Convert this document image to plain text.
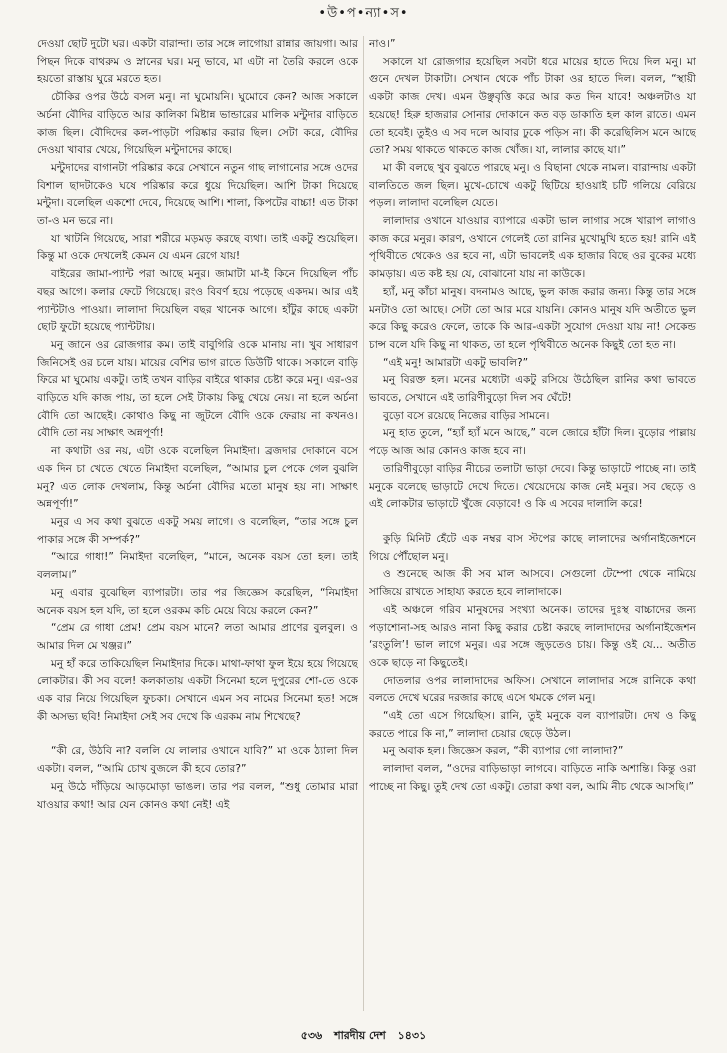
•উ•প•ন্যা•স•

দেওয়া ছোট দুটো ঘর। একটা বারান্দা। তার সঙ্গে লাগোয়া রান্নার জায়গা। আর পিছন দিকে বাথরুম ও স্নানের ঘর। মনু ভাবে, মা এটা না তৈরি করলে ওকে হয়তো রাস্তায় ঘুরে মরতে হত।

চৌকির ওপর উঠে বসল মনু। না ঘুমোয়নি। ঘুমোবে কেন? আজ সকালে অর্চনা বৌদির বাড়িতে আর কালিকা মিষ্টান্ন ভান্ডারের মালিক মন্টুদার বাড়িতে কাজ ছিল। বৌদিদের কল-পাড়টা পরিষ্কার করার ছিল। সেটা করে, বৌদির দেওয়া খাবার খেয়ে, গিয়েছিল মন্টুদাদের কাছে।

মন্টুদাদের বাগানটা পরিষ্কার করে সেখানে নতুন গাছ লাগানোর সঙ্গে ওদের বিশাল ছাদটাকেও ঘষে পরিষ্কার করে ধুয়ে দিয়েছিল। আশি টাকা দিয়েছে মন্টুদা। বলেছিল একশো দেবে, দিয়েছে আশি। শালা, কিপটের বাচ্চা! এত টাকা তা-ও মন ভরে না।

যা খাটনি গিয়েছে, সারা শরীরে মড়মড় করছে ব্যথা। তাই একটু শুয়েছিল। কিন্তু মা ওকে দেখলেই কেমন যে এমন রেগে যায়!

বাইরের জামা-প্যান্ট পরা আছে মনুর। জামাটা মা-ই কিনে দিয়েছিল পাঁচ বছর আগে। কলার ফেটে গিয়েছে। রংও বিবর্ণ হয়ে পড়েছে একদম। আর এই প্যান্টটাও পাওয়া। লালাদা দিয়েছিল বছর খানেক আগে। হাঁটুর কাছে একটা ছোট ফুটো হয়েছে প্যান্টটায়।

মনু জানে ওর রোজগার কম। তাই বাবুগিরি ওকে মানায় না। খুব সাধারণ জিনিসেই ওর চলে যায়। মায়ের বেশির ভাগ রাতে ডিউটি থাকে। সকালে বাড়ি ফিরে মা ঘুমোয় একটু। তাই তখন বাড়ির বাইরে থাকার চেষ্টা করে মনু। এর-ওর বাড়িতে যদি কাজ পায়, তা হলে সেই টাকায় কিছু খেয়ে নেয়। না হলে অর্চনা বৌদি তো আছেই। কোথাও কিছু না জুটলে বৌদি ওকে ফেরায় না কখনও। বৌদি তো নয় সাক্ষাৎ অন্নপূর্ণা!

না কথাটা ওর নয়, এটা ওকে বলেছিল নিমাইদা। ব্রজদার দোকানে বসে এক দিন চা খেতে খেতে নিমাইদা বলেছিল, “আমার চুল পেকে গেল বুঝলি মনু? এত লোক দেখলাম, কিন্তু অর্চনা বৌদির মতো মানুষ হয় না। সাক্ষাৎ অন্নপূর্ণা!”

মনুর এ সব কথা বুঝতে একটু সময় লাগে। ও বলেছিল, “তার সঙ্গে চুল পাকার সঙ্গে কী সম্পর্ক?”

“আরে গাধা!” নিমাইদা বলেছিল, “মানে, অনেক বয়স তো হল। তাই বললাম।”

মনু এবার বুঝেছিল ব্যাপারটা। তার পর জিজ্ঞেস করেছিল, “নিমাইদা অনেক বয়স হল যদি, তা হলে ওরকম কচি মেয়ে বিয়ে করলে কেন?”

“প্রেম রে গাধা প্রেম! প্রেম বয়স মানে? লতা আমার প্রাণের বুলবুল। ও আমার দিল মে খঞ্জর।”

মনু হাঁ করে তাকিয়েছিল নিমাইদার দিকে। মাথা-ফাথা ফুল ইয়ে হয়ে গিয়েছে লোকটার। কী সব বলে! কলকাতায় একটা সিনেমা হলে দুপুরের শো-তে ওকে এক বার নিয়ে গিয়েছিল ফুচকা। সেখানে এমন সব নামের সিনেমা হত! সঙ্গে কী অসভ্য ছবি! নিমাইদা সেই সব দেখে কি এরকম নাম শিখেছে?

“কী রে, উঠবি না? বললি যে লালার ওখানে যাবি?” মা ওকে ঠ্যালা দিল একটা। বলল, “আমি চোখ বুজলে কী হবে তোর?”

মনু উঠে দাঁড়িয়ে আড়মোড়া ভাঙল। তার পর বলল, “শুধু তোমার মারা যাওয়ার কথা! আর যেন কোনও কথা নেই! এই

নাও।”

সকালে যা রোজগার হয়েছিল সবটা ধরে মায়ের হাতে দিয়ে দিল মনু। মা গুনে দেখল টাকাটা। সেখান থেকে পাঁচ টাকা ওর হাতে দিল। বলল, “স্থায়ী একটা কাজ দেখ। এমন উঞ্ছবৃত্তি করে আর কত দিন যাবে! অঞ্চলটাও যা হয়েছে! হিরু হাজরার সোনার দোকানে কত বড় ডাকাতি হল কাল রাতে। এমন তো হবেই। তুইও এ সব দলে আবার ঢুকে পড়িস না। কী করেছিলিস মনে আছে তো? সময় থাকতে থাকতে কাজ খোঁজ। যা, লালার কাছে যা।”

মা কী বলছে খুব বুঝতে পারছে মনু। ও বিছানা থেকে নামল। বারান্দায় একটা বালতিতে জল ছিল। মুখে-চোখে একটু ছিটিয়ে হাওয়াই চটি গলিয়ে বেরিয়ে পড়ল। লালাদা বলেছিল যেতে।

লালাদার ওখানে যাওয়ার ব্যাপারে একটা ভাল লাগার সঙ্গে খারাপ লাগাও কাজ করে মনুর। কারণ, ওখানে গেলেই তো রানির মুখোমুখি হতে হয়! রানি এই পৃথিবীতে থেকেও ওর হবে না, এটা ভাবলেই এক হাজার বিছে ওর বুকের মধ্যে কামড়ায়। এত কষ্ট হয় যে, বোঝানো যায় না কাউকে।

হ্যাঁ, মনু কাঁচা মানুষ। বদনামও আছে, ভুল কাজ করার জন্য। কিন্তু তার সঙ্গে মনটাও তো আছে। সেটা তো আর মরে যায়নি। কোনও মানুষ যদি অতীতে ভুল করে কিছু করেও ফেলে, তাকে কি আর-একটা সুযোগ দেওয়া যায় না! সেকেন্ড চান্স বলে যদি কিছু না থাকত, তা হলে পৃথিবীতে অনেক কিছুই তো হত না।

“এই মনু! আমারটা একটু ভাবলি?”

মনু বিরক্ত হল। মনের মধ্যেটা একটু রসিয়ে উঠেছিল রানির কথা ভাবতে ভাবতে, সেখানে এই তারিণীবুড়ো দিল সব ঘেঁটে!

বুড়ো বসে রয়েছে নিজের বাড়ির সামনে।

মনু হাত তুলে, “হ্যাঁ হ্যাঁ মনে আছে,” বলে জোরে হাঁটা দিল। বুড়োর পাল্লায় পড়ে আজ আর কোনও কাজ হবে না।

তারিণীবুড়ো বাড়ির নীচের তলাটা ভাড়া দেবে। কিন্তু ভাড়াটে পাচ্ছে না। তাই মনুকে বলেছে ভাড়াটে দেখে দিতে। খেয়েদেয়ে কাজ নেই মনুর। সব ছেড়ে ও এই লোকটার ভাড়াটে খুঁজে বেড়াবে! ও কি এ সবের দালালি করে!

কুড়ি মিনিট হেঁটে এক নম্বর বাস স্টপের কাছে লালাদের অর্গানাইজেশনে গিয়ে পৌঁছোল মনু।

ও শুনেছে আজ কী সব মাল আসবে। সেগুলো টেম্পো থেকে নামিয়ে সাজিয়ে রাখতে সাহায্য করতে হবে লালাদাকে।

এই অঞ্চলে গরিব মানুষদের সংখ্যা অনেক। তাদের দুঃস্থ বাচ্চাদের জন্য পড়াশোনা-সহ আরও নানা কিছু করার চেষ্টা করছে লালাদাদের অর্গানাইজেশন ‘রংতুলি’! ভাল লাগে মনুর। এর সঙ্গে জুড়তেও চায়। কিন্তু ওই যে... অতীত ওকে ছাড়ে না কিছুতেই।

দোতলার ওপর লালাদাদের অফিস। সেখানে লালাদার সঙ্গে রানিকে কথা বলতে দেখে ঘরের দরজার কাছে এসে থমকে গেল মনু।

“এই তো এসে গিয়েছিস। রানি, তুই মনুকে বল ব্যাপারটা। দেখ ও কিছু করতে পারে কি না,” লালাদা চেয়ার ছেড়ে উঠল।

মনু অবাক হল। জিজ্ঞেস করল, “কী ব্যাপার গো লালাদা?”

লালাদা বলল, “ওদের বাড়িভাড়া লাগবে। বাড়িতে নাকি অশান্তি। কিন্তু ওরা পাচ্ছে না কিছু। তুই দেখ তো একটু। তোরা কথা বল, আমি নীচ থেকে আসছি।”

৫৩৬ শারদীয় দেশ ১৪৩১
